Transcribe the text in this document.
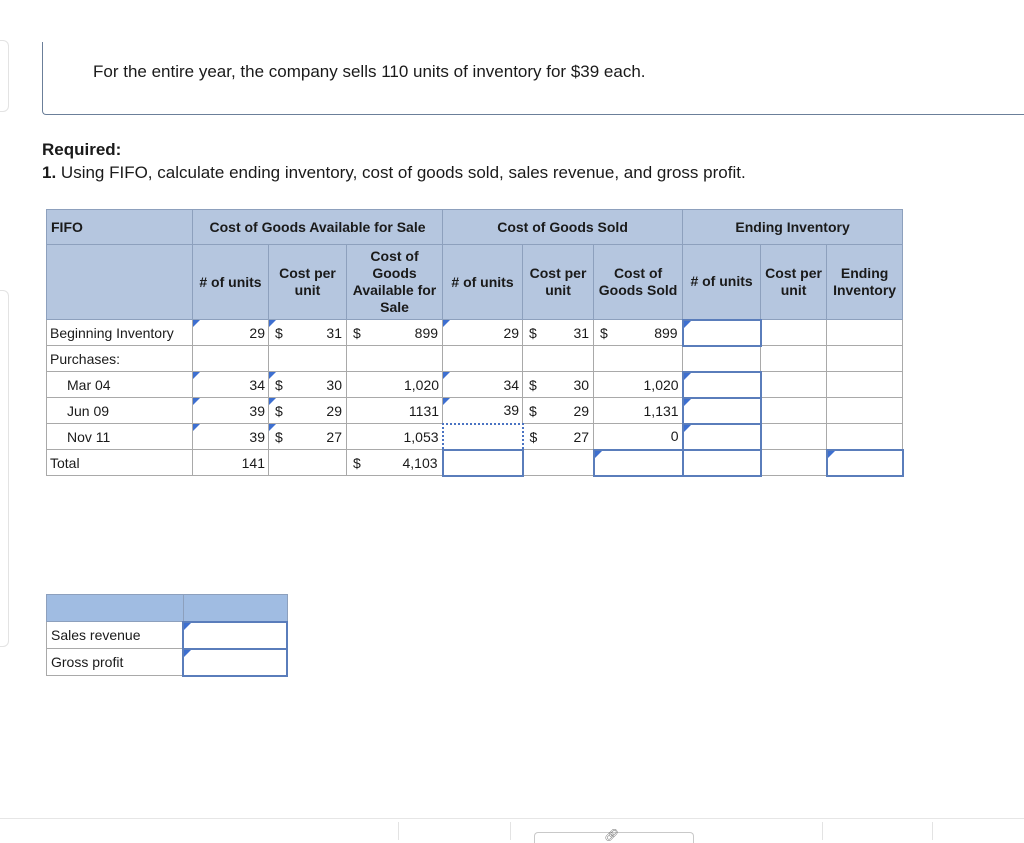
For the entire year, the company sells 110 units of inventory for $39 each.
Required:
1. Using FIFO, calculate ending inventory, cost of goods sold, sales revenue, and gross profit.
FIFO	Cost of Goods Available for Sale			Cost of Goods Sold			Ending Inventory		
	# of units	Cost per unit	Cost of Goods Available for Sale	# of units	Cost per unit	Cost of Goods Sold	# of units	Cost per unit	Ending Inventory
Beginning Inventory	29	$ 31	$ 899	29	$ 31	$ 899			

Purchases:									
Mar 04	34	$ 30	1,020	34	$ 30	1,020			
Jun 09	39	$ 29	1131	39	$ 29	1,131			
Nov 11	39	$ 27	1,053		$ 27	0			
Total	141		$ 4,103						

Sales revenue	
Gross profit	
🔗︎
